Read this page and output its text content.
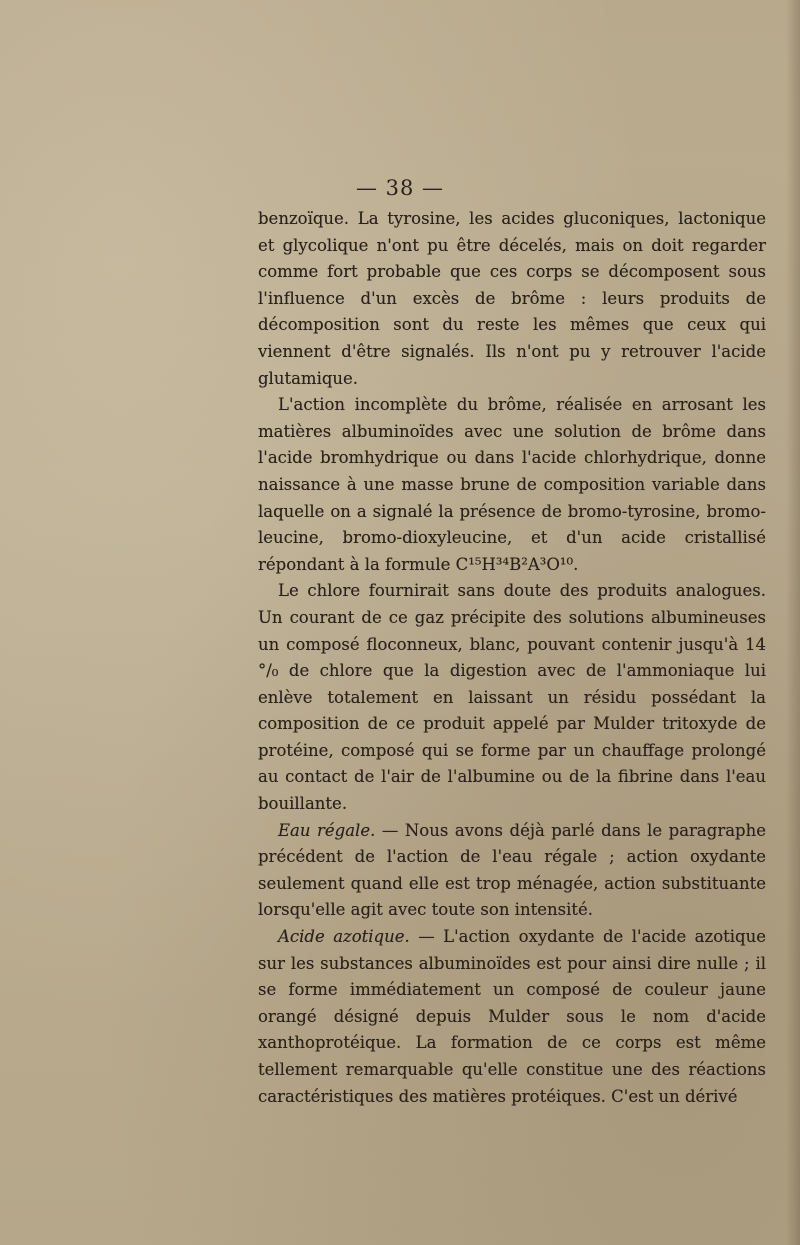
— 38 —

benzoïque. La tyrosine, les acides gluconiques, lactonique et glycolique n'ont pu être décelés, mais on doit regarder comme fort probable que ces corps se décomposent sous l'influence d'un excès de brôme : leurs produits de décomposition sont du reste les mêmes que ceux qui viennent d'être signalés. Ils n'ont pu y retrouver l'acide glutamique.

L'action incomplète du brôme, réalisée en arrosant les matières albuminoïdes avec une solution de brôme dans l'acide bromhydrique ou dans l'acide chlorhydrique, donne naissance à une masse brune de composition variable dans laquelle on a signalé la présence de bromo-tyrosine, bromo-leucine, bromo-dioxyleucine, et d'un acide cristallisé répondant à la formule C¹⁵H³⁴B²A³O¹⁰.

Le chlore fournirait sans doute des produits analogues. Un courant de ce gaz précipite des solutions albumineuses un composé floconneux, blanc, pouvant contenir jusqu'à 14 °/₀ de chlore que la digestion avec de l'ammoniaque lui enlève totalement en laissant un résidu possédant la composition de ce produit appelé par Mulder tritoxyde de protéine, composé qui se forme par un chauffage prolongé au contact de l'air de l'albumine ou de la fibrine dans l'eau bouillante.

Eau régale. — Nous avons déjà parlé dans le paragraphe précédent de l'action de l'eau régale ; action oxydante seulement quand elle est trop ménagée, action substituante lorsqu'elle agit avec toute son intensité.

Acide azotique. — L'action oxydante de l'acide azotique sur les substances albuminoïdes est pour ainsi dire nulle ; il se forme immédiatement un composé de couleur jaune orangé désigné depuis Mulder sous le nom d'acide xanthoprotéique. La formation de ce corps est même tellement remarquable qu'elle constitue une des réactions caractéristiques des matières protéiques. C'est un dérivé
